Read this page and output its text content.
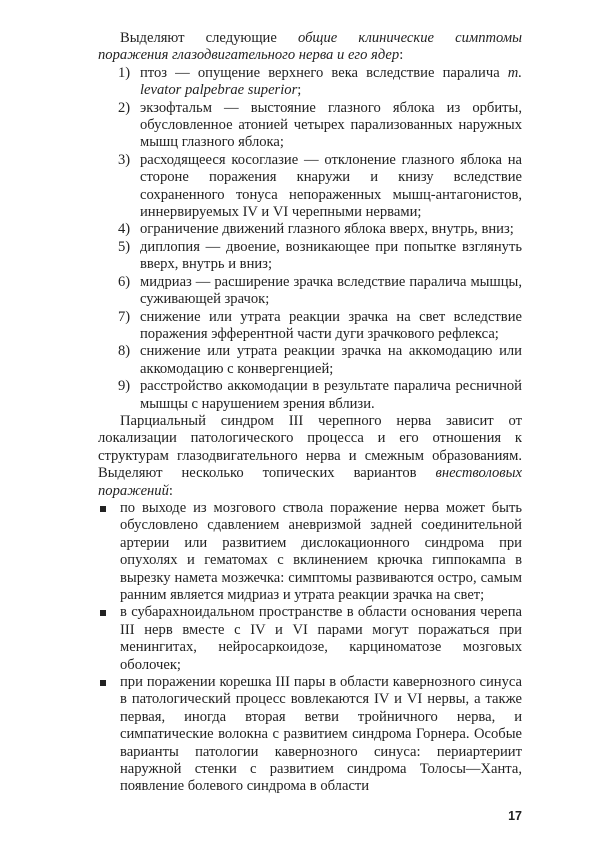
Выделяют следующие общие клинические симптомы поражения глазодвигательного нерва и его ядер:

1) птоз — опущение верхнего века вследствие паралича m. levator palpebrae superior;
2) экзофтальм — выстояние глазного яблока из орбиты, обусловленное атонией четырех парализованных наружных мышц глазного яблока;
3) расходящееся косоглазие — отклонение глазного яблока на стороне поражения кнаружи и книзу вследствие сохраненного тонуса непораженных мышц-антагонистов, иннервируемых IV и VI черепными нервами;
4) ограничение движений глазного яблока вверх, внутрь, вниз;
5) диплопия — двоение, возникающее при попытке взглянуть вверх, внутрь и вниз;
6) мидриаз — расширение зрачка вследствие паралича мышцы, суживающей зрачок;
7) снижение или утрата реакции зрачка на свет вследствие поражения эфферентной части дуги зрачкового рефлекса;
8) снижение или утрата реакции зрачка на аккомодацию или аккомодацию с конвергенцией;
9) расстройство аккомодации в результате паралича ресничной мышцы с нарушением зрения вблизи.

Парциальный синдром III черепного нерва зависит от локализации патологического процесса и его отношения к структурам глазодвигательного нерва и смежным образованиям. Выделяют несколько топических вариантов внестволовых поражений:

по выходе из мозгового ствола поражение нерва может быть обусловлено сдавлением аневризмой задней соединительной артерии или развитием дислокационного синдрома при опухолях и гематомах с вклинением крючка гиппокампа в вырезку намета мозжечка: симптомы развиваются остро, самым ранним является мидриаз и утрата реакции зрачка на свет;
в субарахноидальном пространстве в области основания черепа III нерв вместе с IV и VI парами могут поражаться при менингитах, нейросаркоидозе, карциноматозе мозговых оболочек;
при поражении корешка III пары в области кавернозного синуса в патологический процесс вовлекаются IV и VI нервы, а также первая, иногда вторая ветви тройничного нерва, и симпатические волокна с развитием синдрома Горнера. Особые варианты патологии кавернозного синуса: периартериит наружной стенки с развитием синдрома Толосы—Ханта, появление болевого синдрома в области
17
